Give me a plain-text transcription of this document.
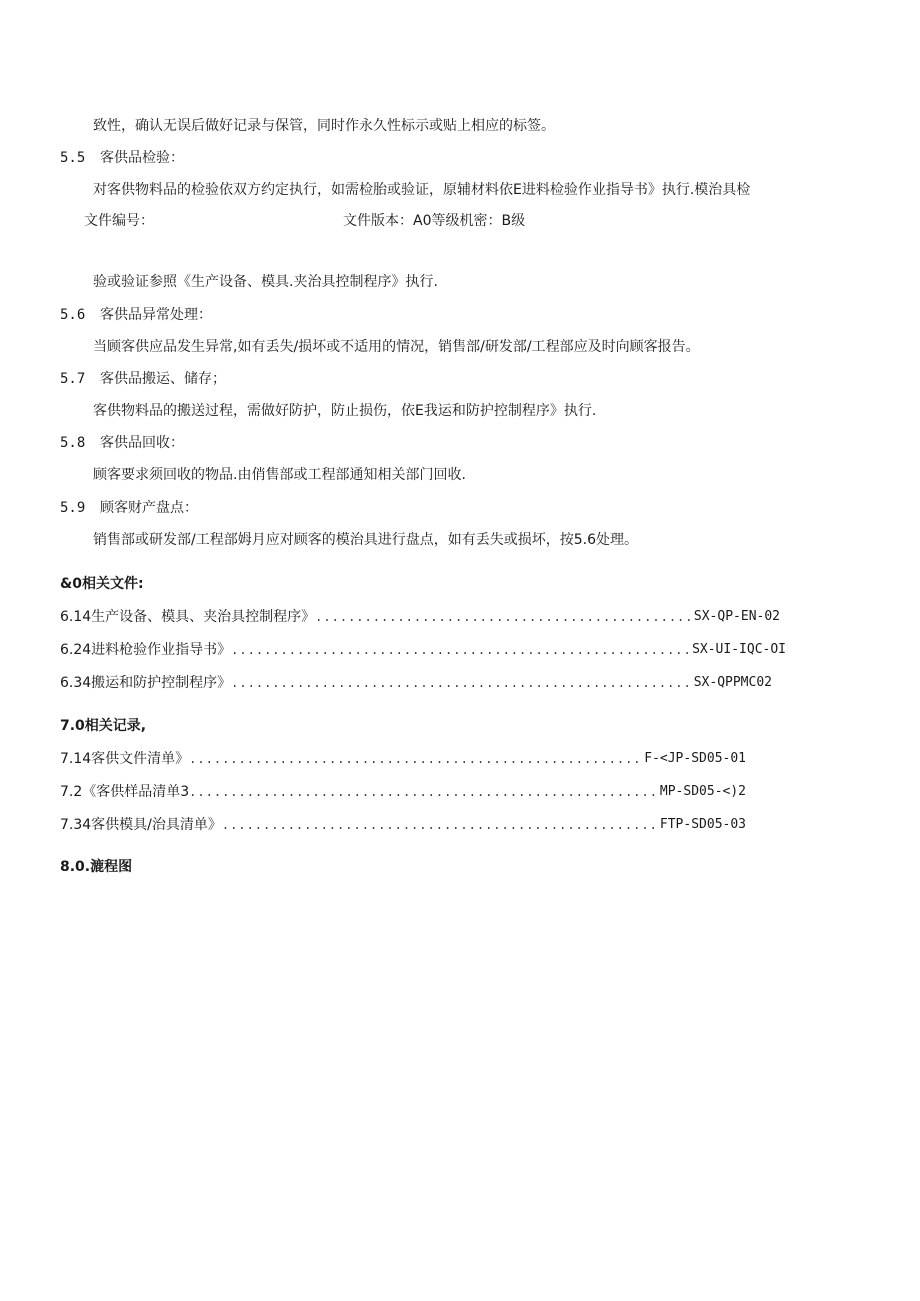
致性，确认无误后做好记录与保管，同时作永久性标示或贴上相应的标签。
5.5 客供品检验：
对客供物料品的检验依双方约定执行，如需检胎或验证，原辅材料依E进料检验作业指导书》执行.模治具检
文件编号：	文件版本：A0等级机密：B级
验或验证参照《生产设备、模具.夹治具控制程序》执行.
5.6 客供品异常处理：
当顾客供应品发生异常,如有丢失/损坏或不适用的情况，销售部/研发部/工程部应及时向顾客报告。
5.7 客供品搬运、储存；
客供物料品的搬送过程，需做好防护，防止损伤，依E我运和防护控制程序》执行.
5.8 客供品回收：
顾客要求须回收的物品.由俏售部或工程部通知相关部门回收.
5.9 顾客财产盘点：
销售部或研发部/工程部姆月应对顾客的模治具进行盘点，如有丢失或损坏，按5.6处理。
&0相关文件:
6.14生产设备、模具、夹治具控制程序》 .....	SX-QP-EN-02
6.24进料枪验作业指导书》 .....	SX-UI-IQC-OI
6.34搬运和防护控制程序》 .....	SX-QPPMC02
7.0相关记录,
7.14客供文件清单》 .....	F-<JP-SD05-01
7.2《客供样品清单3 .....	MP-SD05-<)2
7.34客供模具/治具清单》 .....	FTP-SD05-03
8.0.漉程图
